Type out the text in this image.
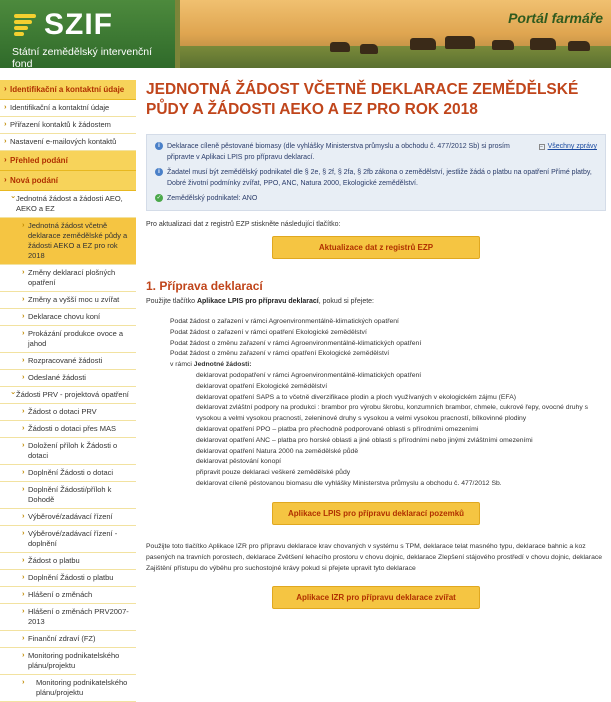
SZIF
Státní zemědělský intervenční fond
Portál farmáře
› Identifikační a kontaktní údaje
› Identifikační a kontaktní údaje
› Přiřazení kontaktů k žádostem
› Nastavení e-mailových kontaktů
› Přehled podání
› Nová podání
⌄ Jednotná žádost a žádosti AEO, AEKO a EZ
› Jednotná žádost včetně deklarace zemědělské půdy a žádosti AEKO a EZ pro rok 2018
› Změny deklarací plošných opatření
› Změny a vyšší moc u zvířat
› Deklarace chovu koní
› Prokázání produkce ovoce a jahod
› Rozpracované žádosti
› Odeslané žádosti
⌄ Žádosti PRV - projektová opatření
› Žádost o dotaci PRV
› Žádosti o dotaci přes MAS
› Doložení příloh k Žádosti o dotaci
› Doplnění Žádosti o dotaci
› Doplnění Žádosti/příloh k Dohodě
› Výběrové/zadávací řízení
› Výběrové/zadávací řízení - doplnění
› Žádost o platbu
› Doplnění Žádosti o platbu
› Hlášení o změnách
› Hlášení o změnách PRV2007-2013
› Finanční zdraví (FZ)
› Monitoring podnikatelského plánu/projektu
› Monitoring podnikatelského plánu/projektu
JEDNOTNÁ ŽÁDOST VČETNĚ DEKLARACE ZEMĚDĚLSKÉ PŮDY A ŽÁDOSTI AEKO A EZ PRO ROK 2018
− Všechny zprávy
i	Deklarace cíleně pěstované biomasy (dle vyhlášky Ministerstva průmyslu a obchodu č. 477/2012 Sb) si prosím připravte v Aplikaci LPIS pro přípravu deklarací.
i	Žadatel musí být zemědělský podnikatel dle § 2e, § 2f, § 2fa, § 2fb zákona o zemědělství, jestliže žádá o platbu na opatření Přímé platby, Dobré životní podmínky zvířat, PPO, ANC, Natura 2000, Ekologické zemědělství.
✓ Zemědělský podnikatel: ANO
Pro aktualizaci dat z registrů EZP stiskněte následující tlačítko:
Aktualizace dat z registrů EZP
1. Příprava deklarací
Použijte tlačítko Aplikace LPIS pro přípravu deklarací, pokud si přejete:
Podat žádost o zařazení v rámci Agroenvironmentálně-klimatických opatření
Podat žádost o zařazení v rámci opatření Ekologické zemědělství
Podat žádost o změnu zařazení v rámci Agroenvironmentálně-klimatických opatření
Podat žádost o změnu zařazení v rámci opatření Ekologické zemědělství
v rámci Jednotné žádosti:
deklarovat podopatření v rámci Agroenvironmentálně-klimatických opatření
deklarovat opatření Ekologické zemědělství
deklarovat opatření SAPS a to včetně diverzifikace plodin a ploch využívaných v ekologickém zájmu (EFA)
deklarovat zvláštní podpory na produkci : brambor pro výrobu škrobu, konzumních brambor, chmele, cukrové řepy, ovocné druhy s vysokou a velmi vysokou pracností, zeleninové druhy s vysokou a velmi vysokou pracností, bílkovinné plodiny
deklarovat opatření PPO – platba pro přechodně podporované oblasti s přírodními omezeními
deklarovat opatření ANC – platba pro horské oblasti a jiné oblasti s přírodními nebo jinými zvláštními omezeními
deklarovat opatření Natura 2000 na zemědělské půdě
deklarovat pěstování konopí
připravit pouze deklaraci veškeré zemědělské půdy
deklarovat cíleně pěstovanou biomasu dle vyhlášky Ministerstva průmyslu a obchodu č. 477/2012 Sb.
Aplikace LPIS pro přípravu deklarací pozemků
Použijte toto tlačítko Aplikace IZR pro přípravu deklarace krav chovaných v systému s TPM, deklarace telat masného typu, deklarace bahnic a koz pasených na travních porostech, deklarace Zvětšení lehacího prostoru v chovu dojnic, deklarace Zlepšení stájového prostředí v chovu dojnic, deklarace Zajištění přístupu do výběhu pro suchostojné krávy pokud si přejete upravit tyto deklarace
Aplikace IZR pro přípravu deklarace zvířat
